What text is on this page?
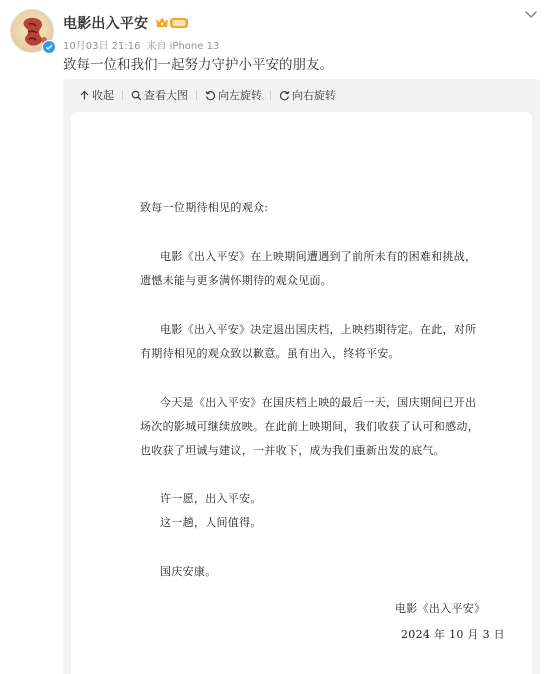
电影出入平安
10月03日 21:16 来自 iPhone 13
致每一位和我们一起努力守护小平安的朋友。
收起	查看大图	向左旋转	向右旋转
致每一位期待相见的观众:
电影《出入平安》在上映期间遭遇到了前所未有的困难和挑战，
遗憾未能与更多满怀期待的观众见面。
电影《出入平安》决定退出国庆档，上映档期待定。在此，对所
有期待相见的观众致以歉意。虽有出入，终将平安。
今天是《出入平安》在国庆档上映的最后一天，国庆期间已开出
场次的影城可继续放映。在此前上映期间，我们收获了认可和感动，
也收获了坦诚与建议，一并收下，成为我们重新出发的底气。
许一愿，出入平安。
这一趟，人间值得。
国庆安康。
电影《出入平安》
2024 年 10 月 3 日
